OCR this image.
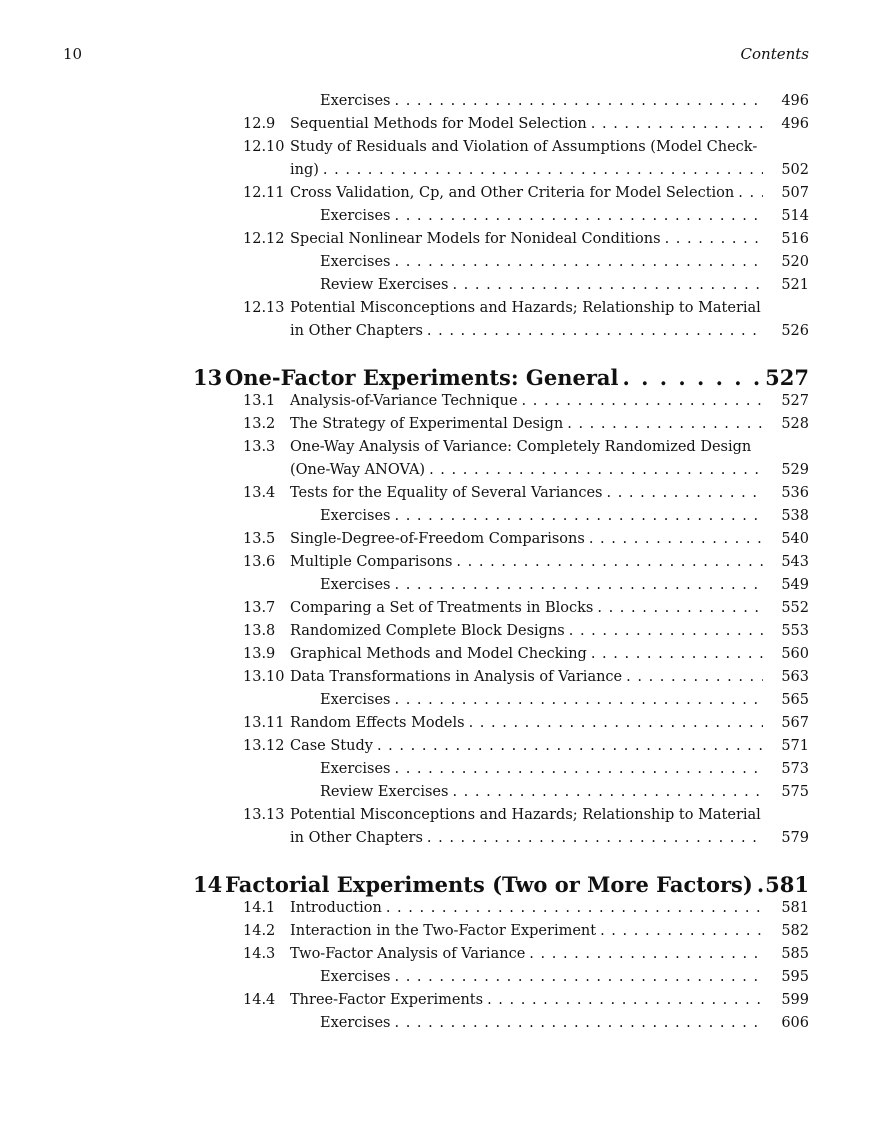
10	Contents
Exercises . . .	496
12.9 Sequential Methods for Model Selection . . .	496
12.10 Study of Residuals and Violation of Assumptions (Model Check-
ing) . . .	502
12.11 Cross Validation, Cp, and Other Criteria for Model Selection . . .	507
Exercises . . .	514
12.12 Special Nonlinear Models for Nonideal Conditions . . .	516
Exercises . . .	520
Review Exercises . . .	521
12.13 Potential Misconceptions and Hazards; Relationship to Material
in Other Chapters . . .	526
13 One-Factor Experiments: General . . .	527
13.1 Analysis-of-Variance Technique . . .	527
13.2 The Strategy of Experimental Design . . .	528
13.3 One-Way Analysis of Variance: Completely Randomized Design
(One-Way ANOVA) . . .	529
13.4 Tests for the Equality of Several Variances . . .	536
Exercises . . .	538
13.5 Single-Degree-of-Freedom Comparisons . . .	540
13.6 Multiple Comparisons . . .	543
Exercises . . .	549
13.7 Comparing a Set of Treatments in Blocks . . .	552
13.8 Randomized Complete Block Designs . . .	553
13.9 Graphical Methods and Model Checking . . .	560
13.10 Data Transformations in Analysis of Variance . . .	563
Exercises . . .	565
13.11 Random Effects Models . . .	567
13.12 Case Study . . .	571
Exercises . . .	573
Review Exercises . . .	575
13.13 Potential Misconceptions and Hazards; Relationship to Material
in Other Chapters . . .	579
14 Factorial Experiments (Two or More Factors) . . . 581
14.1 Introduction . . .	581
14.2 Interaction in the Two-Factor Experiment . . .	582
14.3 Two-Factor Analysis of Variance . . .	585
Exercises . . .	595
14.4 Three-Factor Experiments . . .	599
Exercises . . .	606
